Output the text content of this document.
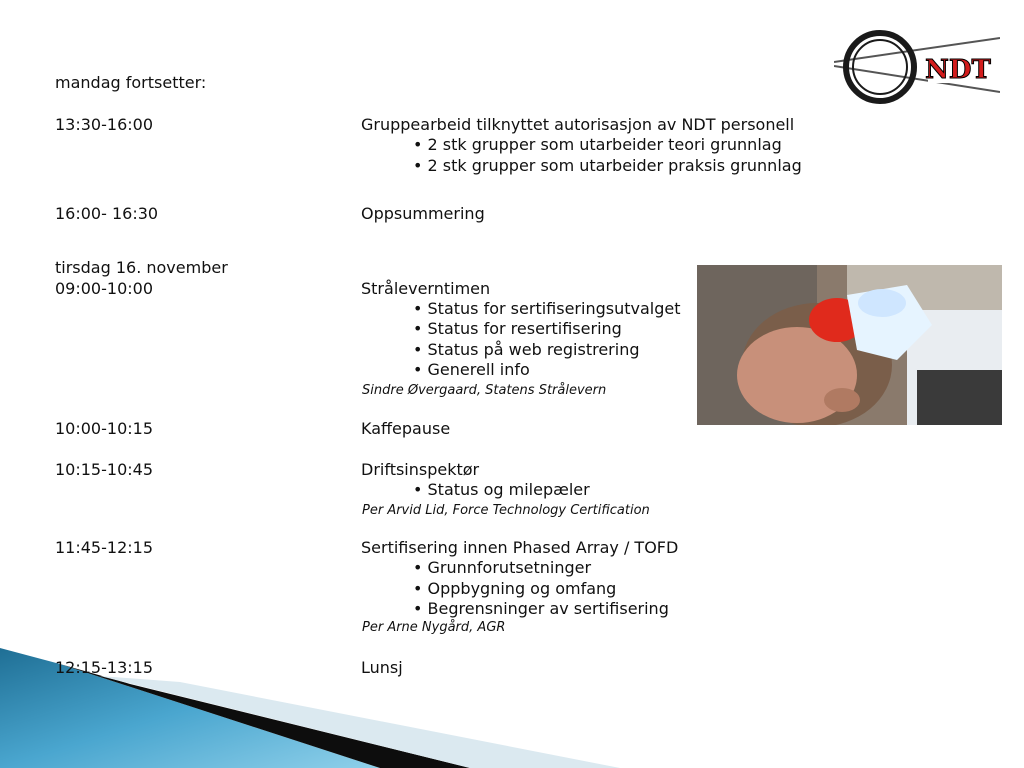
NDT
mandag fortsetter:
13:30-16:00	Gruppearbeid tilknyttet autorisasjon av NDT personell
• 2 stk grupper som utarbeider teori grunnlag
• 2 stk grupper som utarbeider praksis grunnlag
16:00- 16:30	Oppsummering
tirsdag 16. november
09:00-10:00	Stråleverntimen
• Status for sertifiseringsutvalget
• Status for resertifisering
• Status på web registrering
• Generell info
Sindre Øvergaard, Statens Strålevern
10:00-10:15	Kaffepause
10:15-10:45	Driftsinspektør
• Status og milepæler
Per Arvid Lid, Force Technology Certification
11:45-12:15	Sertifisering innen Phased Array / TOFD
• Grunnforutsetninger
• Oppbygning og omfang
• Begrensninger av sertifisering
Per Arne Nygård, AGR
12:15-13:15	Lunsj
